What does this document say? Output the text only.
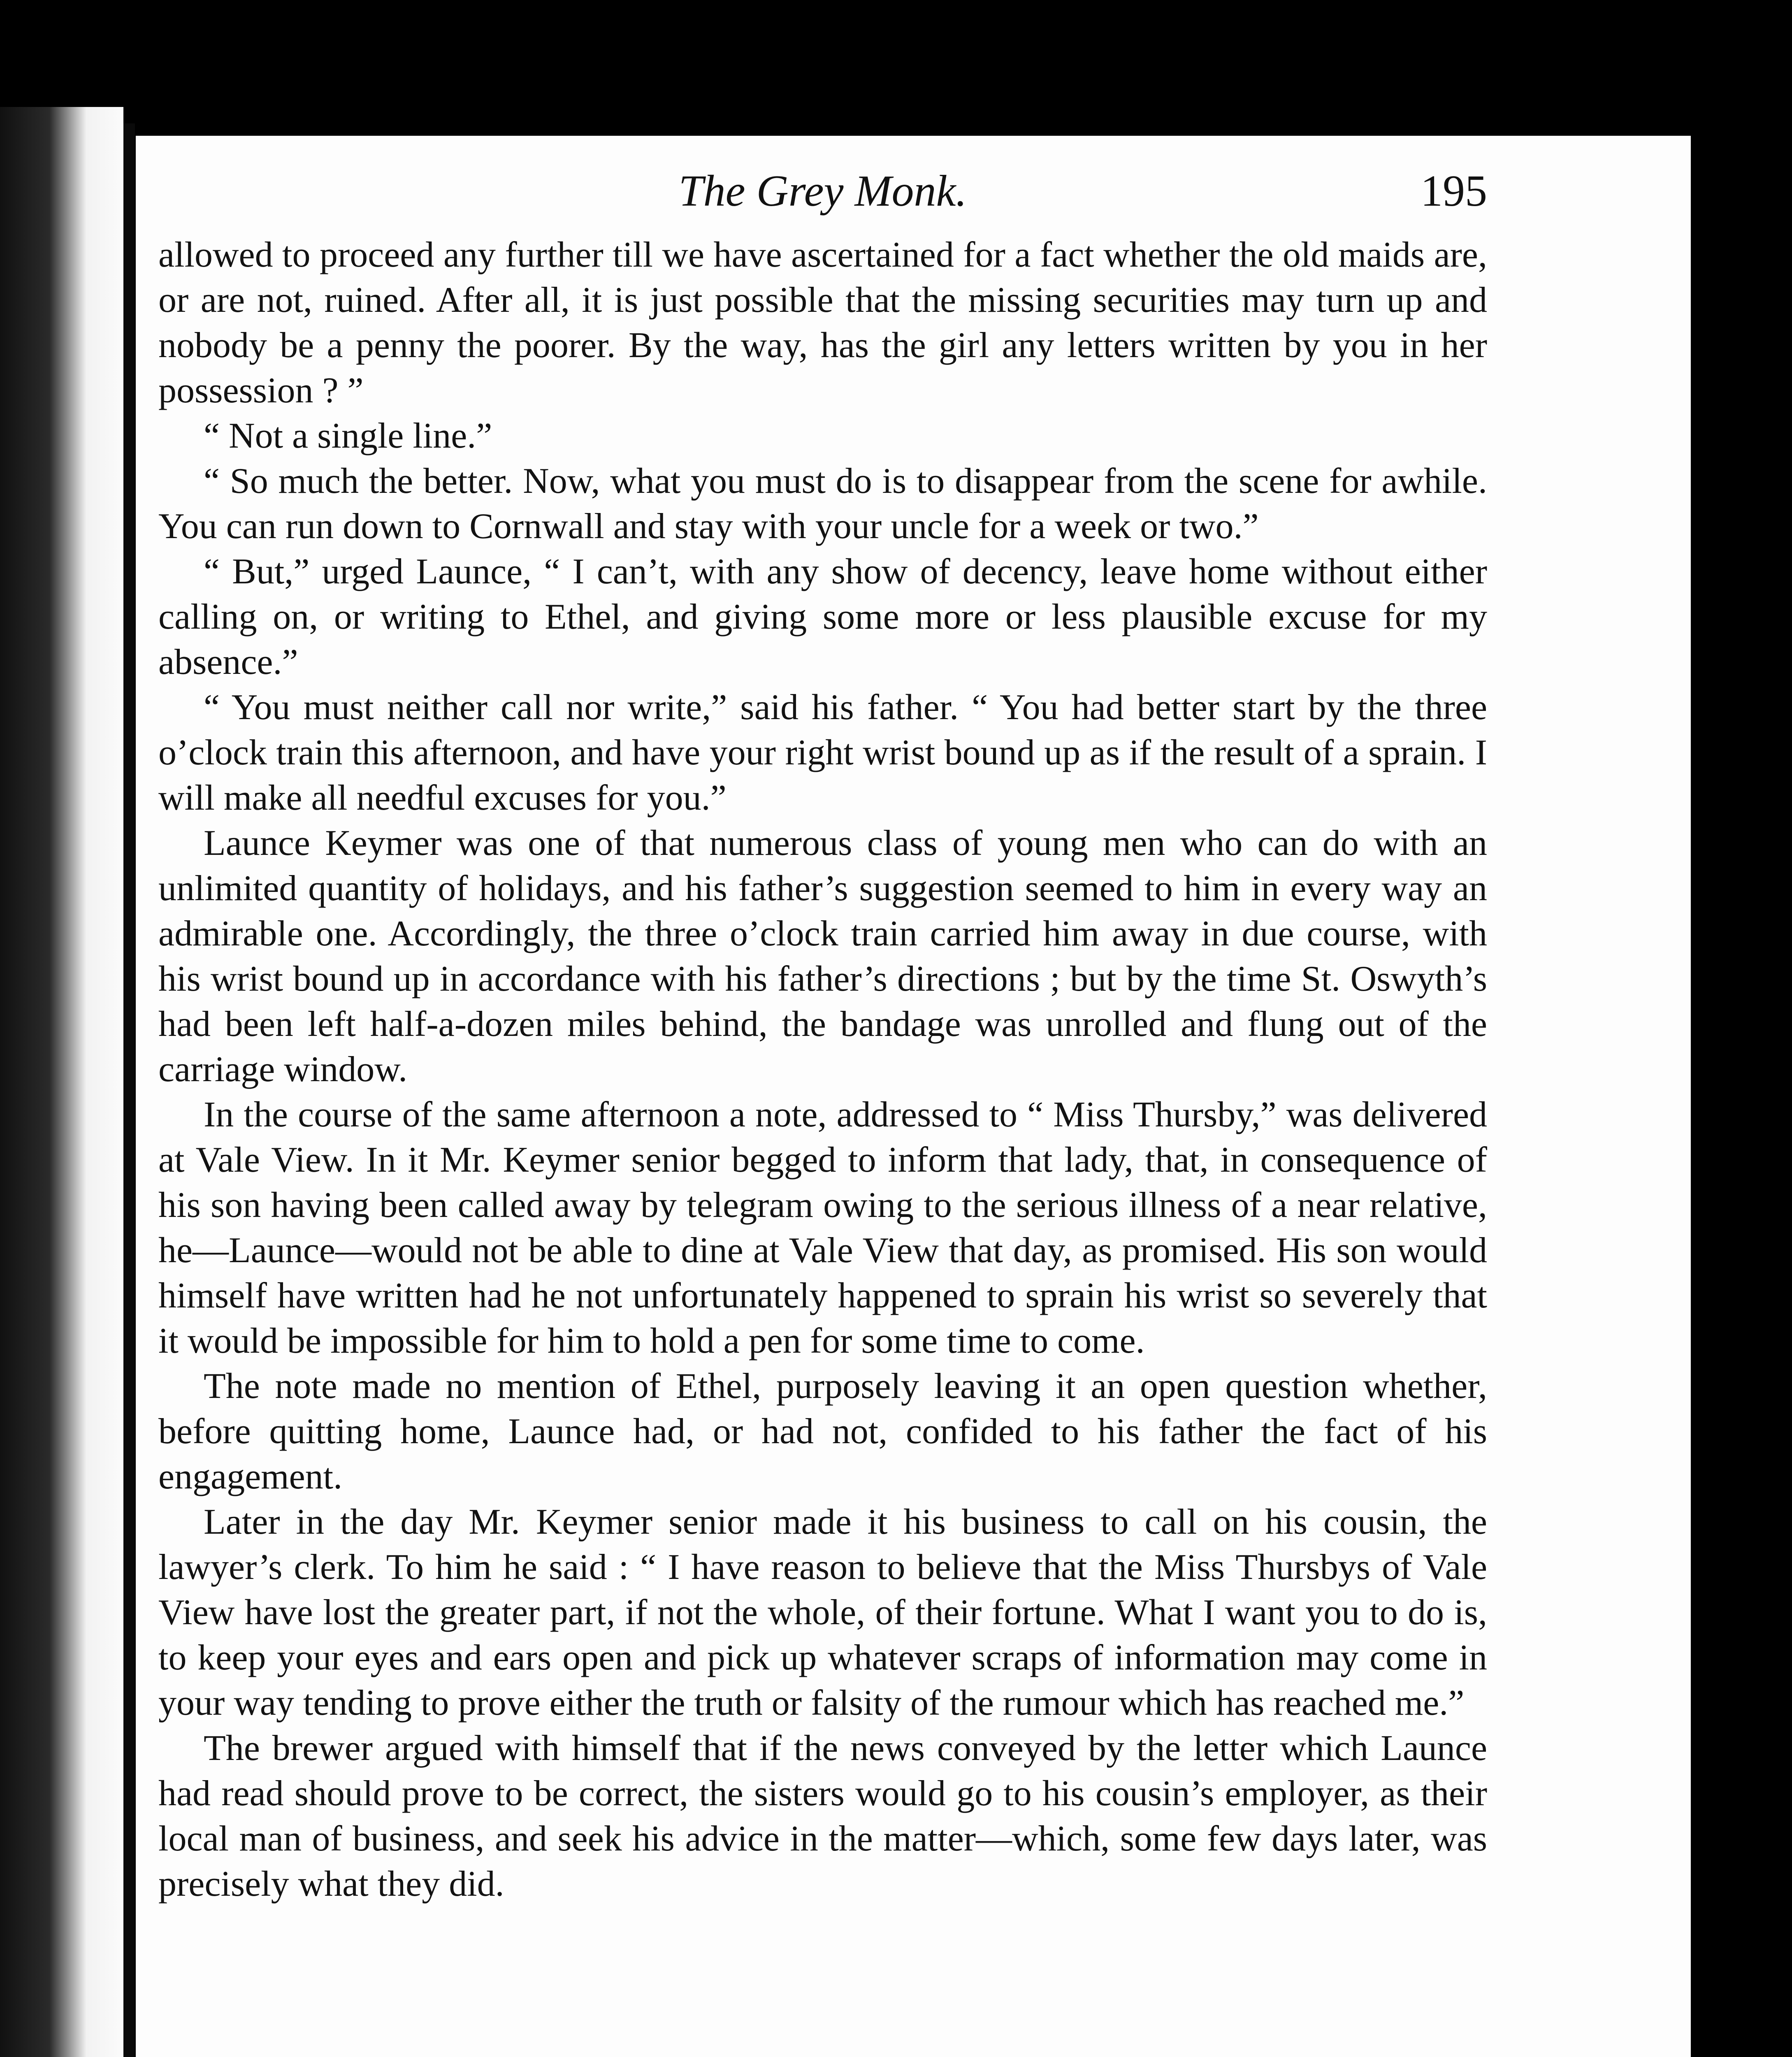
The Grey Monk.	195

allowed to proceed any further till we have ascertained for a fact whether the old maids are, or are not, ruined. After all, it is just possible that the missing securities may turn up and nobody be a penny the poorer. By the way, has the girl any letters written by you in her possession ? ”

“ Not a single line.”

“ So much the better. Now, what you must do is to disappear from the scene for awhile. You can run down to Cornwall and stay with your uncle for a week or two.”

“ But,” urged Launce, “ I can’t, with any show of decency, leave home without either calling on, or writing to Ethel, and giving some more or less plausible excuse for my absence.”

“ You must neither call nor write,” said his father. “ You had better start by the three o’clock train this afternoon, and have your right wrist bound up as if the result of a sprain. I will make all needful excuses for you.”

Launce Keymer was one of that numerous class of young men who can do with an unlimited quantity of holidays, and his father’s suggestion seemed to him in every way an admirable one. Accordingly, the three o’clock train carried him away in due course, with his wrist bound up in accordance with his father’s directions ; but by the time St. Oswyth’s had been left half-a-dozen miles behind, the bandage was unrolled and flung out of the carriage window.

In the course of the same afternoon a note, addressed to “ Miss Thursby,” was delivered at Vale View. In it Mr. Keymer senior begged to inform that lady, that, in consequence of his son having been called away by telegram owing to the serious illness of a near relative, he—Launce—would not be able to dine at Vale View that day, as promised. His son would himself have written had he not unfortunately happened to sprain his wrist so severely that it would be impossible for him to hold a pen for some time to come.

The note made no mention of Ethel, purposely leaving it an open question whether, before quitting home, Launce had, or had not, confided to his father the fact of his engagement.

Later in the day Mr. Keymer senior made it his business to call on his cousin, the lawyer’s clerk. To him he said : “ I have reason to believe that the Miss Thursbys of Vale View have lost the greater part, if not the whole, of their fortune. What I want you to do is, to keep your eyes and ears open and pick up whatever scraps of information may come in your way tending to prove either the truth or falsity of the rumour which has reached me.”

The brewer argued with himself that if the news conveyed by the letter which Launce had read should prove to be correct, the sisters would go to his cousin’s employer, as their local man of business, and seek his advice in the matter—which, some few days later, was precisely what they did.
